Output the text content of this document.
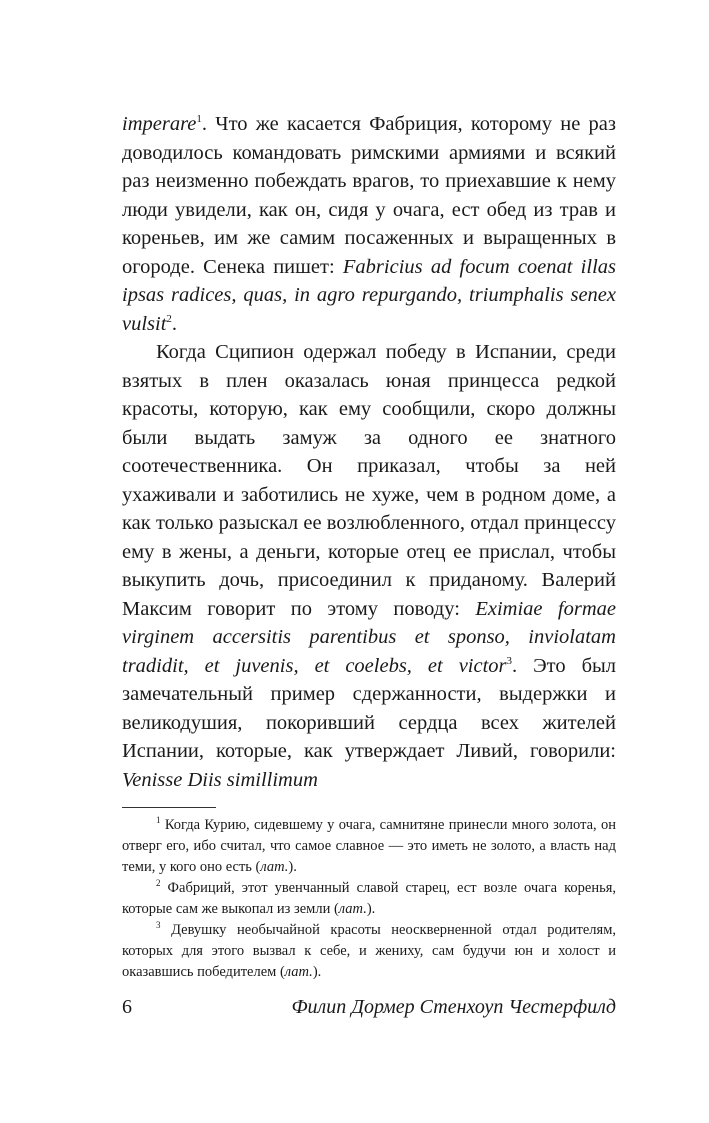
imperare$^1$. Что же касается Фабриция, которому не раз доводилось командовать римскими армиями и всякий раз неизменно побеждать врагов, то приехавшие к нему люди увидели, как он, сидя у очага, ест обед из трав и кореньев, им же самим посаженных и выращенных в огороде. Сенека пишет: Fabricius ad focum coenat illas ipsas radices, quas, in agro repurgando, triumphalis senex vulsit$^2$.

Когда Сципион одержал победу в Испании, среди взятых в плен оказалась юная принцесса редкой красоты, которую, как ему сообщили, скоро должны были выдать замуж за одного ее знатного соотечественника. Он приказал, чтобы за ней ухаживали и заботились не хуже, чем в родном доме, а как только разыскал ее возлюбленного, отдал принцессу ему в жены, а деньги, которые отец ее прислал, чтобы выкупить дочь, присоединил к приданому. Валерий Максим говорит по этому поводу: Eximiae formae virginem accersitis parentibus et sponso, inviolatam tradidit, et juvenis, et coelebs, et victor$^3$. Это был замечательный пример сдержанности, выдержки и великодушия, покоривший сердца всех жителей Испании, которые, как утверждает Ливий, говорили: Venisse Diis simillimum

$^1$ Когда Курию, сидевшему у очага, самнитяне принесли много золота, он отверг его, ибо считал, что самое славное — это иметь не золото, а власть над теми, у кого оно есть (лат.).

$^2$ Фабриций, этот увенчанный славой старец, ест возле очага коренья, которые сам же выкопал из земли (лат.).

$^3$ Девушку необычайной красоты неоскверненной отдал родителям, которых для этого вызвал к себе, и жениху, сам будучи юн и холост и оказавшись победителем (лат.).

6	Филип Дормер Стенхоуп Честерфилд
